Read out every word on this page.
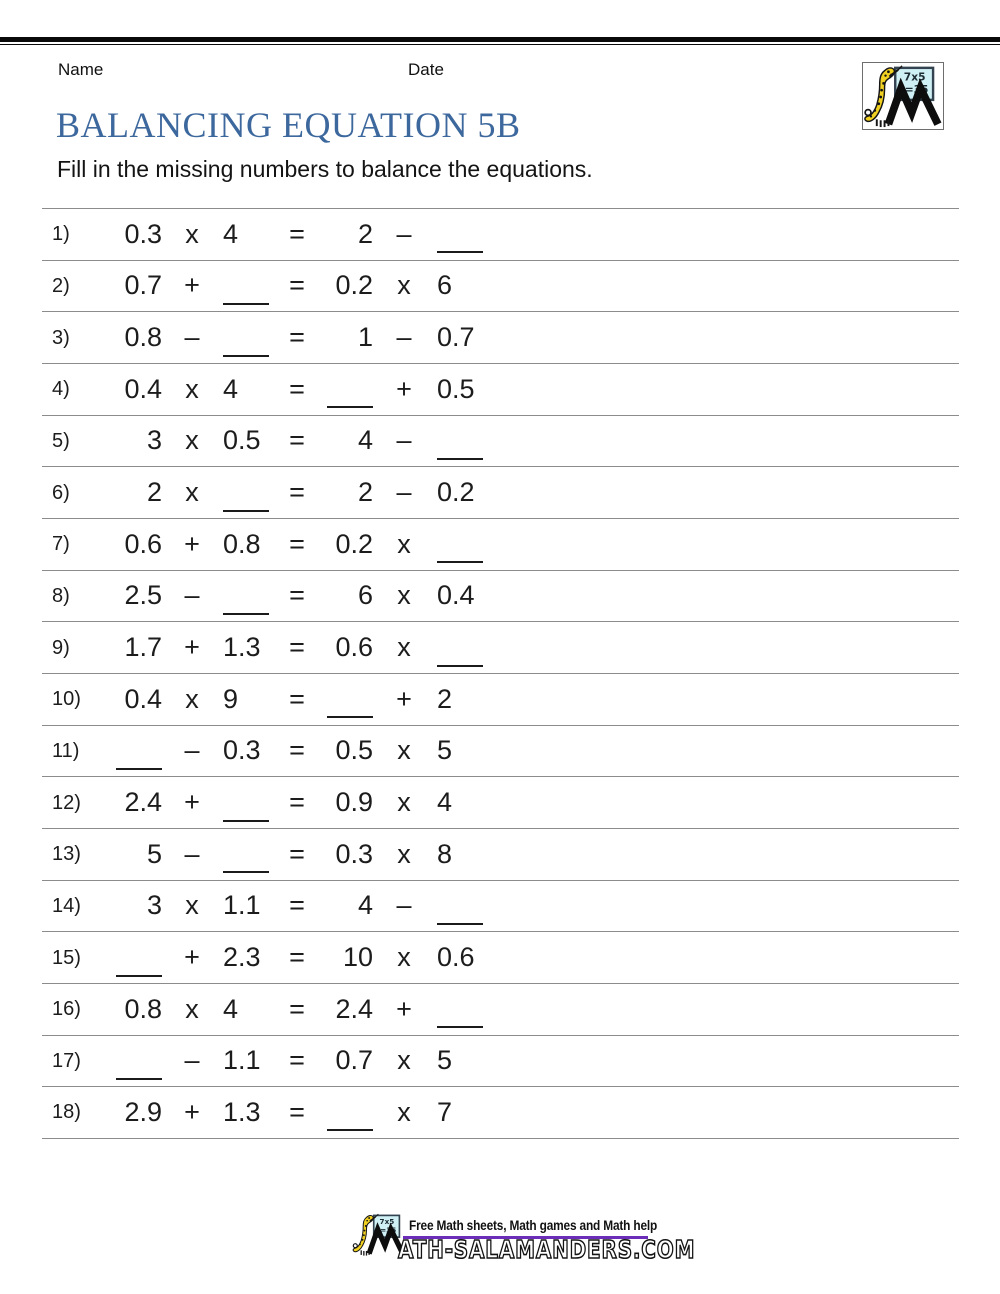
Name	Date	7x5
=35
BALANCING EQUATION 5B
Fill in the missing numbers to balance the equations.
1)	0.3 x 4	=	2 –
2)	0.7 +	=	0.2 x 6
3)	0.8 –	=	1 – 0.7
4)	0.4 x 4	=	+ 0.5
5)	3 x 0.5	=	4 –
6)	2 x	=	2 – 0.2
7)	0.6 + 0.8	=	0.2 x
8)	2.5 –	=	6 x 0.4
9)	1.7 + 1.3	=	0.6 x
10)	0.4 x 9	=	+ 2
11)	– 0.3	=	0.5 x 5
12)	2.4 +	=	0.9 x 4
13)	5 –	=	0.3 x 8
14)	3 x 1.1	=	4 –
15)	+ 2.3	=	10 x 0.6
16)	0.8 x 4	=	2.4 +
17)	– 1.1	=	0.7 x 5
18)	2.9 + 1.3	=	x 7
7x5
=35 Free Math sheets, Math games and Math help
ATH-SALAMANDERS.COM
